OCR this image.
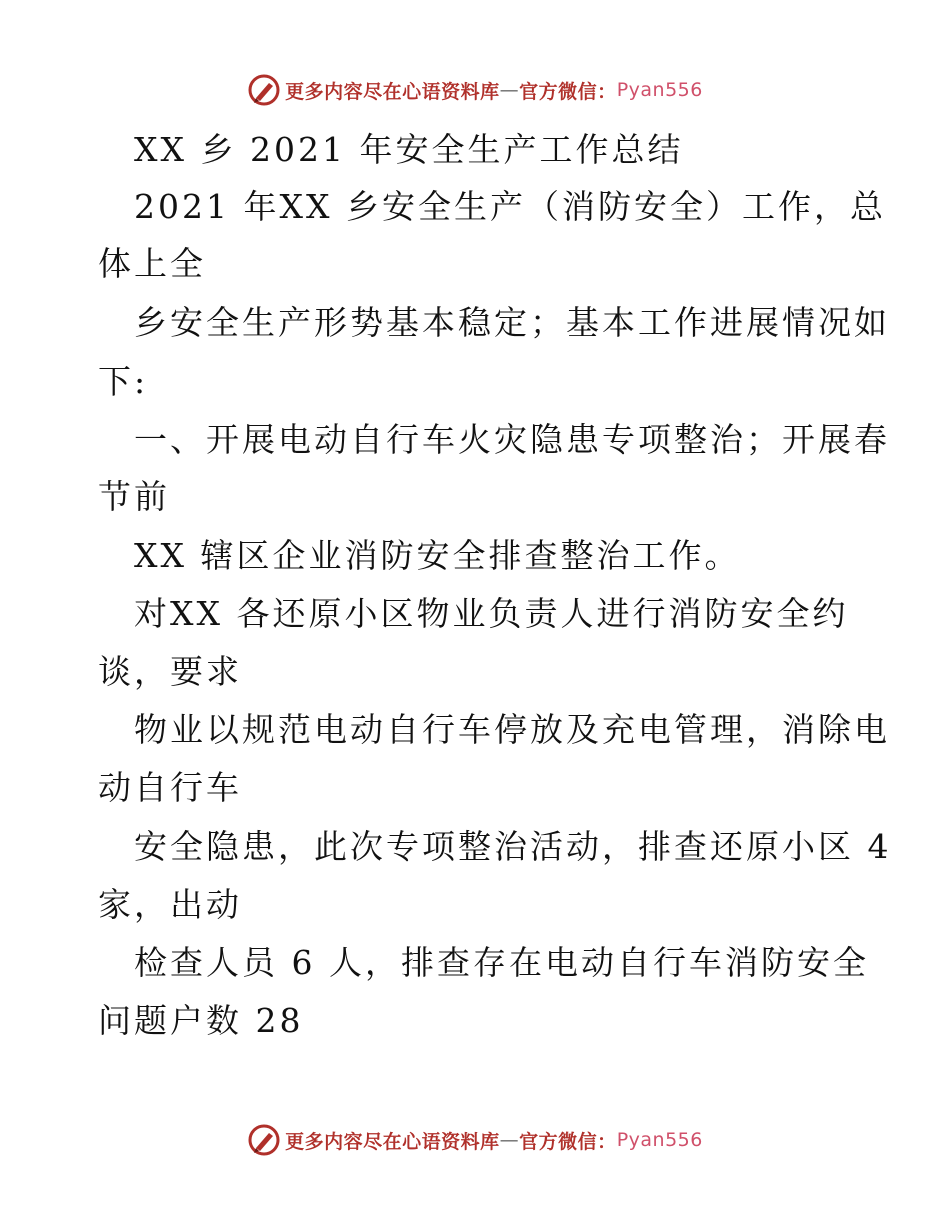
更多内容尽在心语资料库 — 官方微信： Pyan556
XX 乡 2021 年安全生产工作总结
2021 年XX 乡安全生产（消防安全）工作，总
体上全
乡安全生产形势基本稳定；基本工作进展情况如
下:
一、开展电动自行车火灾隐患专项整治；开展春
节前
XX 辖区企业消防安全排查整治工作。
对XX 各还原小区物业负责人进行消防安全约
谈，要求
物业以规范电动自行车停放及充电管理，消除电
动自行车
安全隐患，此次专项整治活动，排查还原小区 4
家，出动
检查人员 6 人，排查存在电动自行车消防安全
问题户数 28
更多内容尽在心语资料库 — 官方微信： Pyan556
